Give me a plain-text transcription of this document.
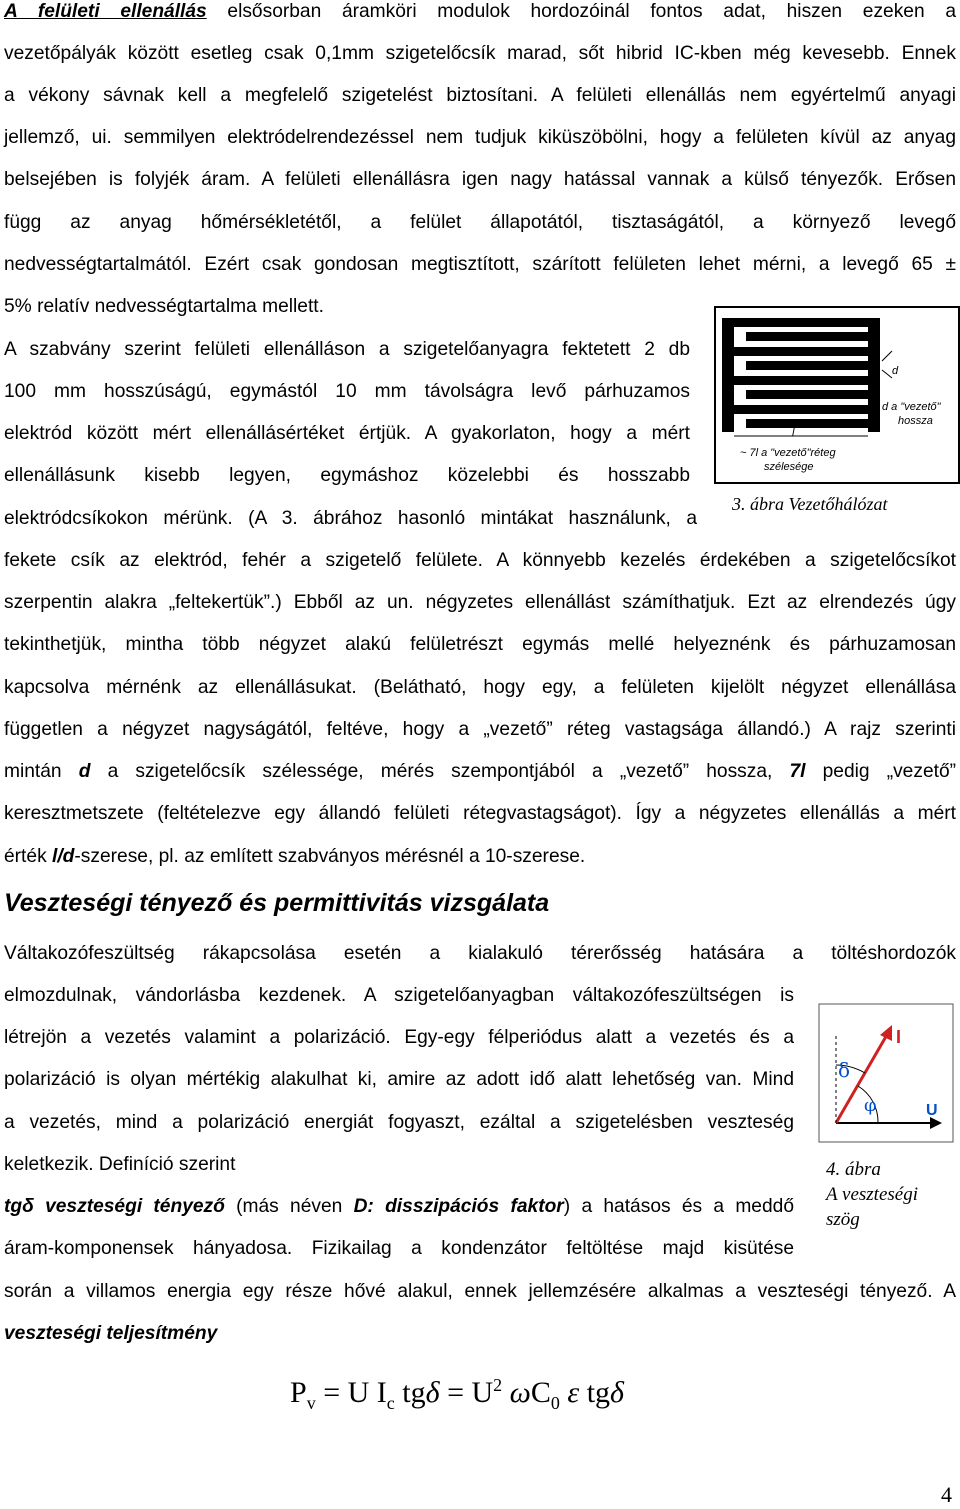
A felületi ellenállás elsősorban áramköri modulok hordozóinál fontos adat, hiszen ezeken a
vezetőpályák között esetleg csak 0,1mm szigetelőcsík marad, sőt hibrid IC-kben még kevesebb. Ennek
a vékony sávnak kell a megfelelő szigetelést biztosítani. A felületi ellenállás nem egyértelmű anyagi
jellemző, ui. semmilyen elektródelrendezéssel nem tudjuk kiküszöbölni, hogy a felületen kívül az anyag
belsejében is folyjék áram. A felületi ellenállásra igen nagy hatással vannak a külső tényezők. Erősen
függ az anyag hőmérsékletétől, a felület állapotától, tisztaságától, a környező levegő
nedvességtartalmától. Ezért csak gondosan megtisztított, szárított felületen lehet mérni, a levegő 65 ±
5% relatív nedvességtartalma mellett.
A szabvány szerint felületi ellenálláson a szigetelőanyagra fektetett 2 db
100 mm hosszúságú, egymástól 10 mm távolságra levő párhuzamos
elektród között mért ellenállásértéket értjük. A gyakorlaton, hogy a mért
ellenállásunk kisebb legyen, egymáshoz közelebbi és hosszabb
elektródcsíkokon mérünk. (A 3. ábrához hasonló mintákat használunk, a
fekete csík az elektród, fehér a szigetelő felülete. A könnyebb kezelés érdekében a szigetelőcsíkot
szerpentin alakra „feltekertük”.) Ebből az un. négyzetes ellenállást számíthatjuk. Ezt az elrendezés úgy
tekinthetjük, mintha több négyzet alakú felületrészt egymás mellé helyeznénk és párhuzamosan
kapcsolva mérnénk az ellenállásukat. (Belátható, hogy egy, a felületen kijelölt négyzet ellenállása
független a négyzet nagyságától, feltéve, hogy a „vezető” réteg vastagsága állandó.) A rajz szerinti
mintán d a szigetelőcsík szélessége, mérés szempontjából a „vezető” hossza, 7l pedig „vezető”
keresztmetszete (feltételezve egy állandó felületi rétegvastagságot). Így a négyzetes ellenállás a mért
érték l/d-szerese, pl. az említett szabványos mérésnél a 10-szerese.
d
d a "vezető"
hossza
l
~ 7l a "vezető"réteg
szélesége
3. ábra Vezetőhálózat
Veszteségi tényező és permittivitás vizsgálata
Váltakozófeszültség rákapcsolása esetén a kialakuló térerősség hatására a töltéshordozók
elmozdulnak, vándorlásba kezdenek. A szigetelőanyagban váltakozófeszültségen is
létrejön a vezetés valamint a polarizáció. Egy-egy félperiódus alatt a vezetés és a
polarizáció is olyan mértékig alakulhat ki, amire az adott idő alatt lehetőség van. Mind
a vezetés, mind a polarizáció energiát fogyaszt, ezáltal a szigetelésben veszteség
keletkezik. Definíció szerint
tgδ veszteségi tényező (más néven D: disszipációs faktor) a hatásos és a meddő
áram-komponensek hányadosa. Fizikailag a kondenzátor feltöltése majd kisütése
során a villamos energia egy része hővé alakul, ennek jellemzésére alkalmas a veszteségi tényező. A
veszteségi teljesítmény
I
U
δ
φ
4. ábra
A veszteségi
szög
$P_v = U$ $I_c$ $tg\delta = U^2$ $\omega C_0$ ε tgδ
4
